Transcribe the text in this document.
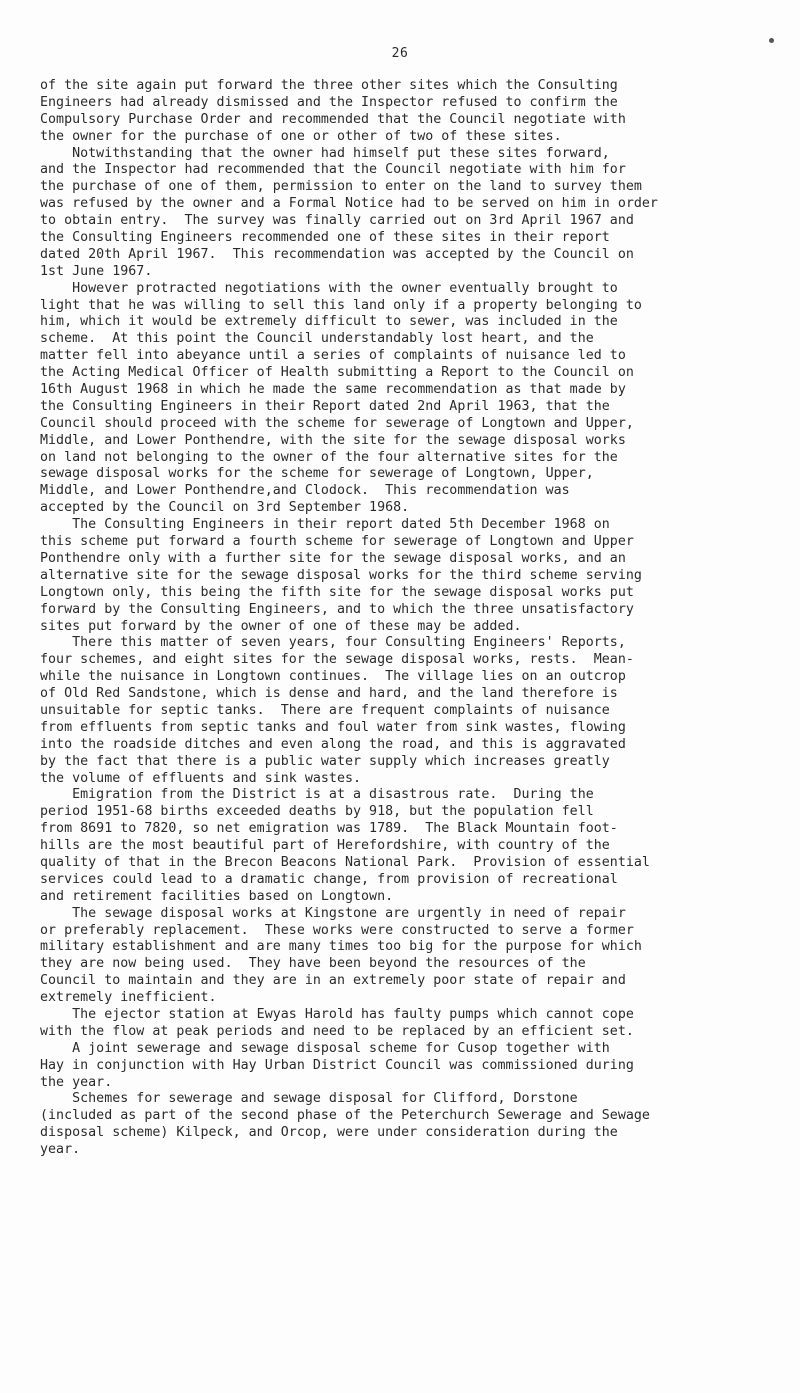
26
of the site again put forward the three other sites which the Consulting
Engineers had already dismissed and the Inspector refused to confirm the
Compulsory Purchase Order and recommended that the Council negotiate with
the owner for the purchase of one or other of two of these sites.
Notwithstanding that the owner had himself put these sites forward,
and the Inspector had recommended that the Council negotiate with him for
the purchase of one of them, permission to enter on the land to survey them
was refused by the owner and a Formal Notice had to be served on him in order
to obtain entry.  The survey was finally carried out on 3rd April 1967 and
the Consulting Engineers recommended one of these sites in their report
dated 20th April 1967.  This recommendation was accepted by the Council on
1st June 1967.
However protracted negotiations with the owner eventually brought to
light that he was willing to sell this land only if a property belonging to
him, which it would be extremely difficult to sewer, was included in the
scheme.  At this point the Council understandably lost heart, and the
matter fell into abeyance until a series of complaints of nuisance led to
the Acting Medical Officer of Health submitting a Report to the Council on
16th August 1968 in which he made the same recommendation as that made by
the Consulting Engineers in their Report dated 2nd April 1963, that the
Council should proceed with the scheme for sewerage of Longtown and Upper,
Middle, and Lower Ponthendre, with the site for the sewage disposal works
on land not belonging to the owner of the four alternative sites for the
sewage disposal works for the scheme for sewerage of Longtown, Upper,
Middle, and Lower Ponthendre,and Clodock.  This recommendation was
accepted by the Council on 3rd September 1968.
The Consulting Engineers in their report dated 5th December 1968 on
this scheme put forward a fourth scheme for sewerage of Longtown and Upper
Ponthendre only with a further site for the sewage disposal works, and an
alternative site for the sewage disposal works for the third scheme serving
Longtown only, this being the fifth site for the sewage disposal works put
forward by the Consulting Engineers, and to which the three unsatisfactory
sites put forward by the owner of one of these may be added.
There this matter of seven years, four Consulting Engineers' Reports,
four schemes, and eight sites for the sewage disposal works, rests.  Mean-
while the nuisance in Longtown continues.  The village lies on an outcrop
of Old Red Sandstone, which is dense and hard, and the land therefore is
unsuitable for septic tanks.  There are frequent complaints of nuisance
from effluents from septic tanks and foul water from sink wastes, flowing
into the roadside ditches and even along the road, and this is aggravated
by the fact that there is a public water supply which increases greatly
the volume of effluents and sink wastes.
Emigration from the District is at a disastrous rate.  During the
period 1951-68 births exceeded deaths by 918, but the population fell
from 8691 to 7820, so net emigration was 1789.  The Black Mountain foot-
hills are the most beautiful part of Herefordshire, with country of the
quality of that in the Brecon Beacons National Park.  Provision of essential
services could lead to a dramatic change, from provision of recreational
and retirement facilities based on Longtown.
The sewage disposal works at Kingstone are urgently in need of repair
or preferably replacement.  These works were constructed to serve a former
military establishment and are many times too big for the purpose for which
they are now being used.  They have been beyond the resources of the
Council to maintain and they are in an extremely poor state of repair and
extremely inefficient.
The ejector station at Ewyas Harold has faulty pumps which cannot cope
with the flow at peak periods and need to be replaced by an efficient set.
A joint sewerage and sewage disposal scheme for Cusop together with
Hay in conjunction with Hay Urban District Council was commissioned during
the year.
Schemes for sewerage and sewage disposal for Clifford, Dorstone
(included as part of the second phase of the Peterchurch Sewerage and Sewage
disposal scheme) Kilpeck, and Orcop, were under consideration during the
year.
